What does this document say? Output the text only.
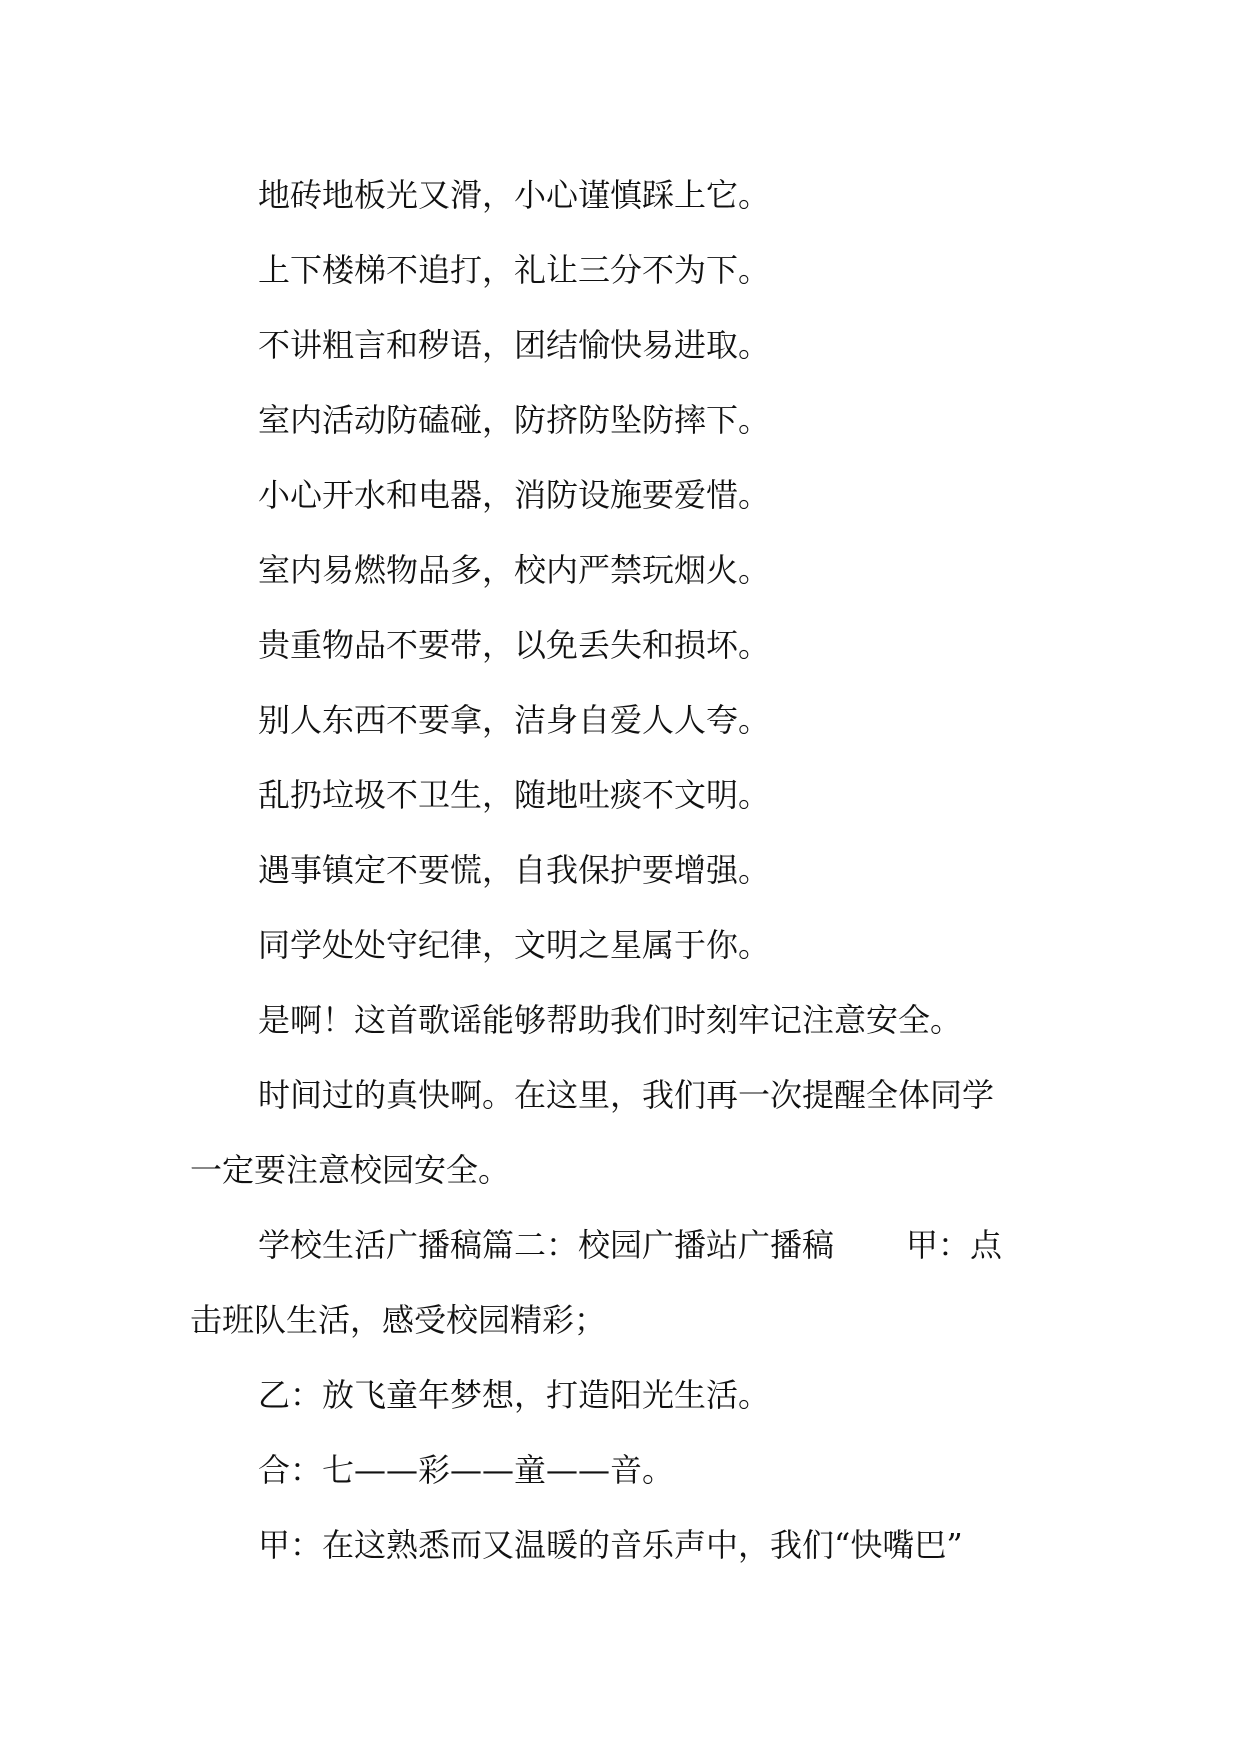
地砖地板光又滑，小心谨慎踩上它。
上下楼梯不追打，礼让三分不为下。
不讲粗言和秽语，团结愉快易进取。
室内活动防磕碰，防挤防坠防摔下。
小心开水和电器，消防设施要爱惜。
室内易燃物品多，校内严禁玩烟火。
贵重物品不要带，以免丢失和损坏。
别人东西不要拿，洁身自爱人人夸。
乱扔垃圾不卫生，随地吐痰不文明。
遇事镇定不要慌，自我保护要增强。
同学处处守纪律，文明之星属于你。
是啊！这首歌谣能够帮助我们时刻牢记注意安全。
时间过的真快啊。在这里，我们再一次提醒全体同学
一定要注意校园安全。
学校生活广播稿篇二：校园广播站广播稿 甲：点
击班队生活，感受校园精彩；
乙：放飞童年梦想，打造阳光生活。
合：七——彩——童——音。
甲：在这熟悉而又温暖的音乐声中，我们“快嘴巴”
